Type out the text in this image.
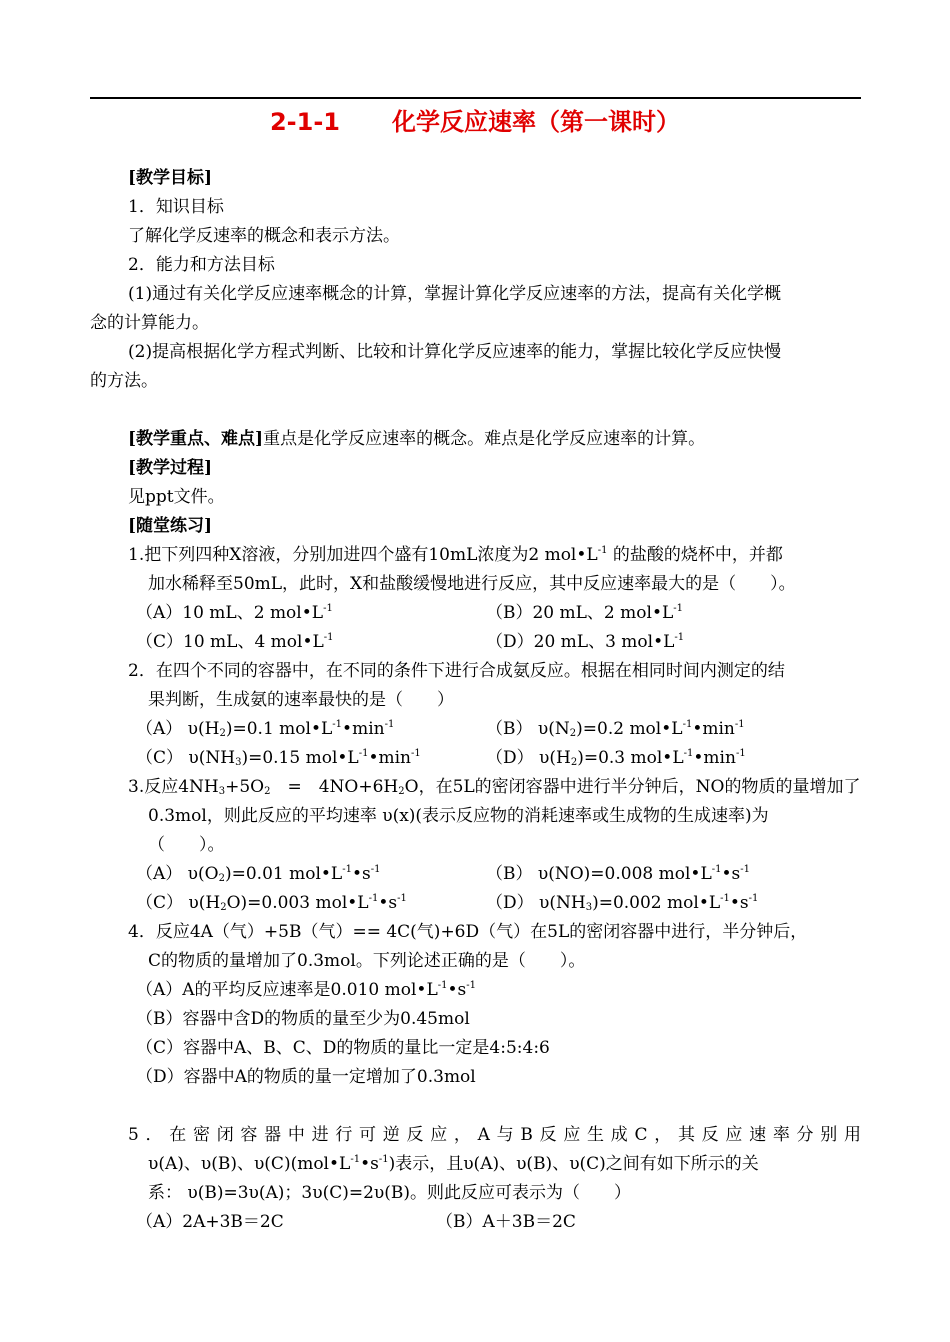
2-1-1 化学反应速率（第一课时）
[教学目标]
1．知识目标
了解化学反速率的概念和表示方法。
2．能力和方法目标
(1)通过有关化学反应速率概念的计算，掌握计算化学反应速率的方法，提高有关化学概
念的计算能力。
(2)提高根据化学方程式判断、比较和计算化学反应速率的能力，掌握比较化学反应快慢
的方法。
[教学重点、难点]重点是化学反应速率的概念。难点是化学反应速率的计算。
[教学过程]
见ppt文件。
[随堂练习]
1.把下列四种X溶液，分别加进四个盛有10mL浓度为2 $mol•L^{-1}$ 的盐酸的烧杯中，并都
加水稀释至50mL，此时，X和盐酸缓慢地进行反应，其中反应速率最大的是（　　）。
（A）10 mL、2 $mol•L^{-1}$	（B）20 mL、2 $mol•L^{-1}$
（C）10 mL、4 $mol•L^{-1}$	（D）20 mL、3 $mol•L^{-1}$
2．在四个不同的容器中，在不同的条件下进行合成氨反应。根据在相同时间内测定的结
果判断，生成氨的速率最快的是（　　）
（A） $\upsilon(H_2)=0.1$ $mol•L^{-1}•\min^{-1}$	（B） $\upsilon(N_2)=0.2$ $mol•L^{-1}•\min^{-1}$
（C） $\upsilon(NH_3)=0.15$ $mol•L^{-1}•\min^{-1}$	（D） $\upsilon(H_2)=0.3$ $mol•L^{-1}•\min^{-1}$
3.反应$4NH_3+5O_2$　=　$4NO+6H_2O$，在5L的密闭容器中进行半分钟后，NO的物质的量增加了
0.3mol，则此反应的平均速率 υ(x)(表示反应物的消耗速率或生成物的生成速率)为
（　　）。
（A） $\upsilon(O_2)=0.01$ $mol•L^{-1}•s^{-1}$	（B） υ(NO)=0.008 $mol•L^{-1}•s^{-1}$
（C） $\upsilon(H_2O)=0.003$ $mol•L^{-1}•s^{-1}$	（D） $\upsilon(NH_3)=0.002$ $mol•L^{-1}•s^{-1}$
4．反应4A（气）+5B（气）== 4C(气)+6D（气）在5L的密闭容器中进行，半分钟后，
C的物质的量增加了0.3mol。下列论述正确的是（　　）。
（A）A的平均反应速率是0.010 $mol•L^{-1}•s^{-1}$
（B）容器中含D的物质的量至少为0.45mol
（C）容器中A、B、C、D的物质的量比一定是4:5:4:6
（D）容器中A的物质的量一定增加了0.3mol
5．在密闭容器中进行可逆反应，A与B反应生成C，其反应速率分别用
υ(A)、υ(B)、$\upsilon(C)(mol•L^{-1}•s^{-1})$表示，且υ(A)、υ(B)、υ(C)之间有如下所示的关
系： υ(B)=3υ(A)；3υ(C)=2υ(B)。则此反应可表示为（　　）
（A）2A+3B＝2C	（B）A＋3B＝2C
